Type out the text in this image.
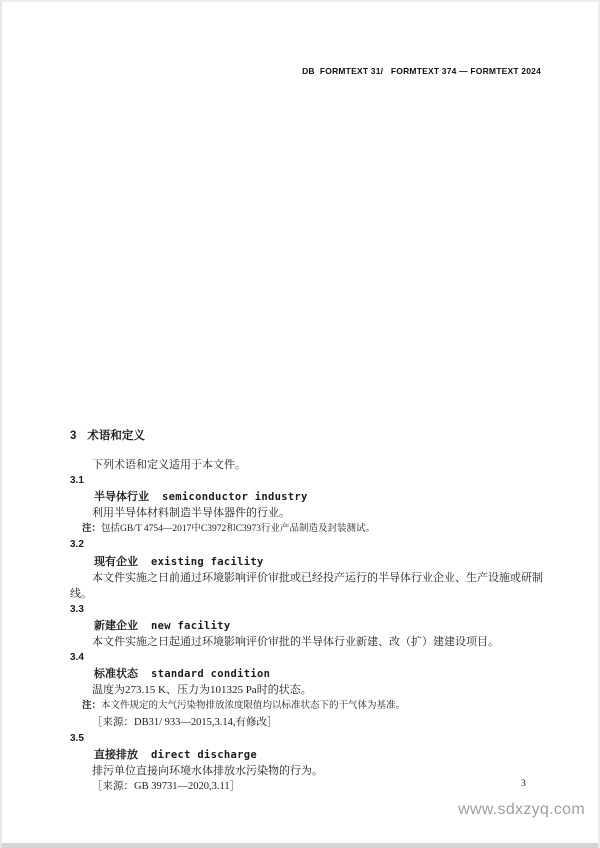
DB  FORMTEXT 31/   FORMTEXT 374 — FORMTEXT 2024
3 术语和定义
下列术语和定义适用于本文件。
3.1
半导体行业 semiconductor industry
利用半导体材料制造半导体器件的行业。
注：包括GB/T 4754—2017中C3972和C3973行业产品制造及封装测试。
3.2
现有企业 existing facility
本文件实施之日前通过环境影响评价审批或已经投产运行的半导体行业企业、生产设施或研制线。
3.3
新建企业 new facility
本文件实施之日起通过环境影响评价审批的半导体行业新建、改（扩）建建设项目。
3.4
标准状态 standard condition
温度为273.15 K、压力为101325 Pa时的状态。
注：本文件规定的大气污染物排放浓度限值均以标准状态下的干气体为基准。
［来源：DB31/ 933—2015,3.14,有修改］
3.5
直接排放 direct discharge
排污单位直接向环境水体排放水污染物的行为。
［来源：GB 39731—2020,3.11］	3
www.sdxzyq.com
